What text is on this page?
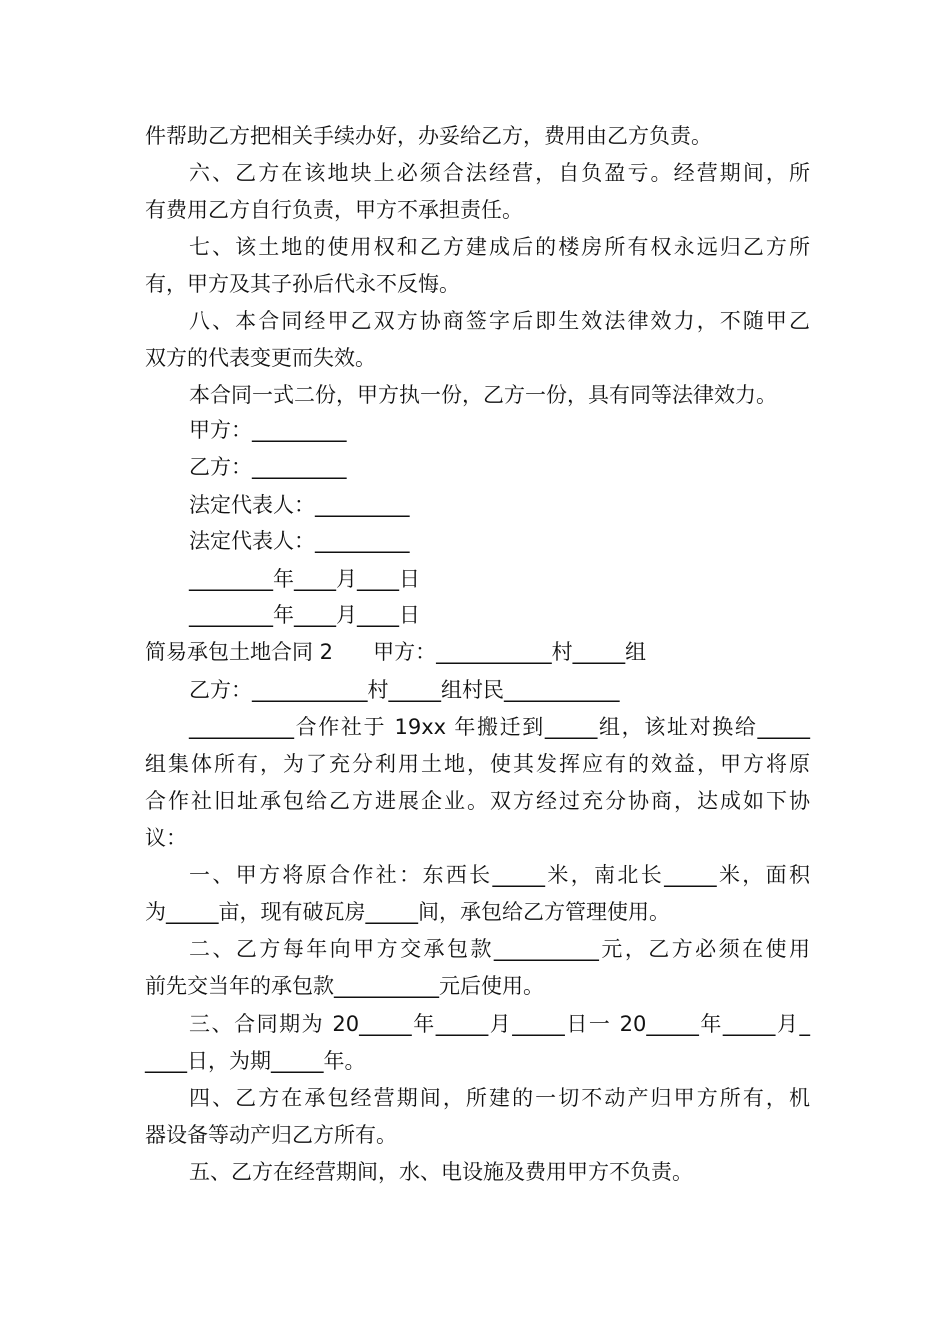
件帮助乙方把相关手续办好，办妥给乙方，费用由乙方负责。
六、乙方在该地块上必须合法经营，自负盈亏。经营期间，所
有费用乙方自行负责，甲方不承担责任。
七、该土地的使用权和乙方建成后的楼房所有权永远归乙方所
有，甲方及其子孙后代永不反悔。
八、本合同经甲乙双方协商签字后即生效法律效力，不随甲乙
双方的代表变更而失效。
本合同一式二份，甲方执一份，乙方一份，具有同等法律效力。
甲方：_________
乙方：_________
法定代表人：_________
法定代表人：_________
________年____月____日
________年____月____日
简易承包土地合同 2      甲方：___________村_____组
乙方：___________村_____组村民___________
__________合作社于 19xx 年搬迁到_____组，该址对换给_____
组集体所有，为了充分利用土地，使其发挥应有的效益，甲方将原
合作社旧址承包给乙方进展企业。双方经过充分协商，达成如下协
议：
一、甲方将原合作社：东西长_____米，南北长_____米，面积
为_____亩，现有破瓦房_____间，承包给乙方管理使用。
二、乙方每年向甲方交承包款__________元，乙方必须在使用
前先交当年的承包款__________元后使用。
三、合同期为 20_____年_____月_____日一 20_____年_____月_
____日，为期_____年。
四、乙方在承包经营期间，所建的一切不动产归甲方所有，机
器设备等动产归乙方所有。
五、乙方在经营期间，水、电设施及费用甲方不负责。
